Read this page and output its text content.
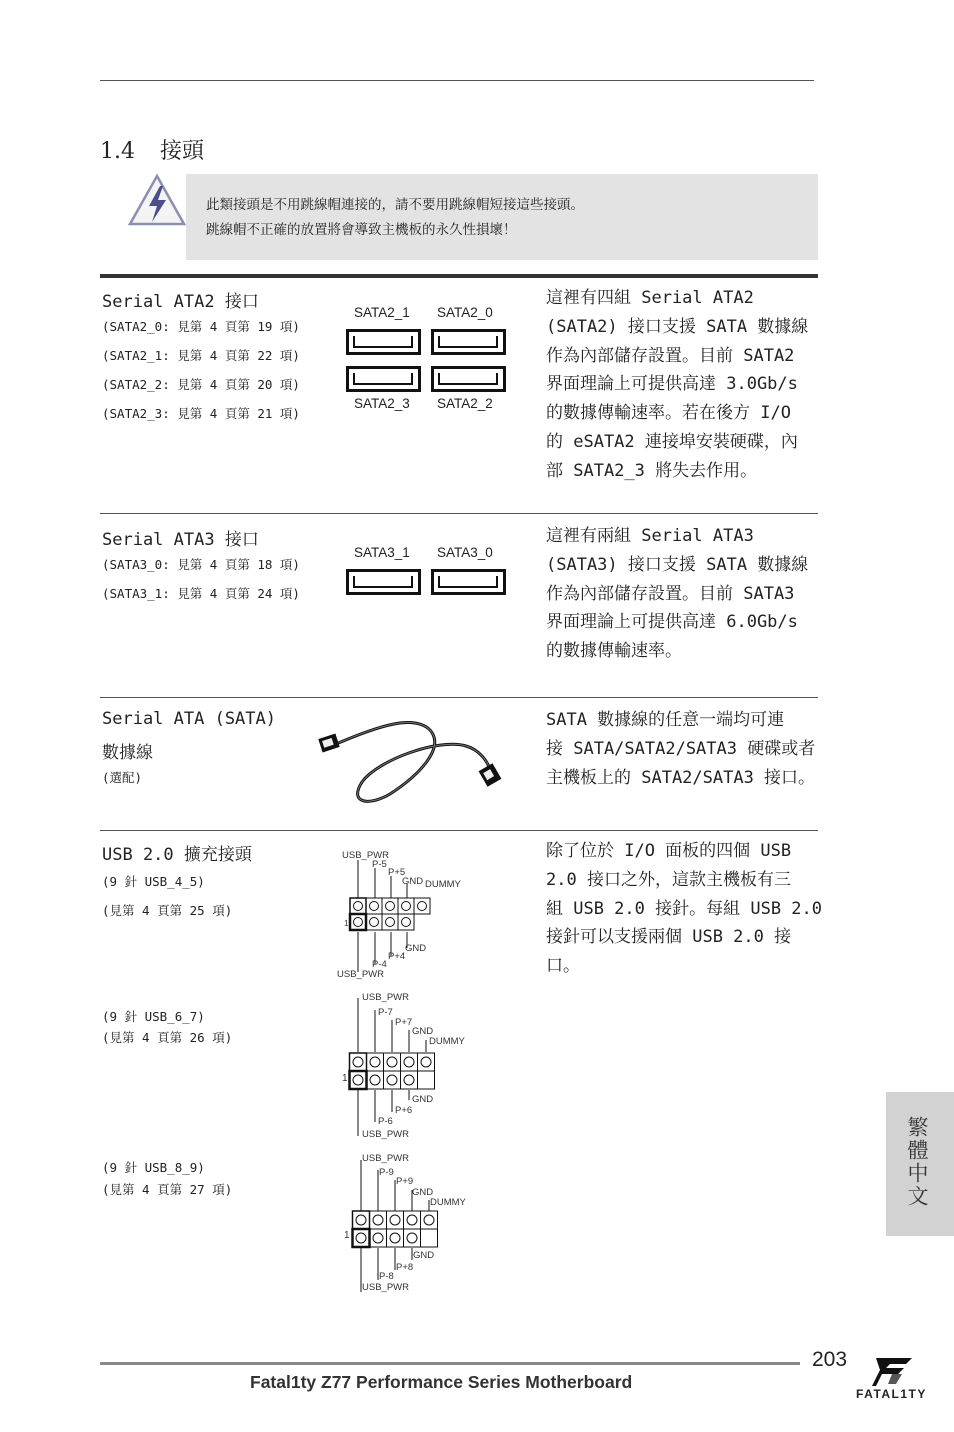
1.4 接頭
此類接頭是不用跳線帽連接的，請不要用跳線帽短接這些接頭。
跳線帽不正確的放置將會導致主機板的永久性損壞！
Serial ATA2 接口
(SATA2_0: 見第 4 頁第 19 項)
(SATA2_1: 見第 4 頁第 22 項)
(SATA2_2: 見第 4 頁第 20 項)
(SATA2_3: 見第 4 頁第 21 項)
SATA2_1 SATA2_0
SATA2_3 SATA2_2
這裡有四組 Serial ATA2
(SATA2) 接口支援 SATA 數據線
作為內部儲存設置。目前 SATA2
界面理論上可提供高達 3.0Gb/s
的數據傳輸速率。若在後方 I/O
的 eSATA2 連接埠安裝硬碟，內
部 SATA2_3 將失去作用。
Serial ATA3 接口
(SATA3_0: 見第 4 頁第 18 項)
(SATA3_1: 見第 4 頁第 24 項)
SATA3_1 SATA3_0
這裡有兩組 Serial ATA3
(SATA3) 接口支援 SATA 數據線
作為內部儲存設置。目前 SATA3
界面理論上可提供高達 6.0Gb/s
的數據傳輸速率。
Serial ATA (SATA)
數據線
(選配)
SATA 數據線的任意一端均可連
接 SATA/SATA2/SATA3 硬碟或者
主機板上的 SATA2/SATA3 接口。
USB 2.0 擴充接頭	除了位於 I/O 面板的四個 USB
2.0 接口之外，這款主機板有三
組 USB 2.0 接針。每組 USB 2.0
接針可以支援兩個 USB 2.0 接
口。
(9 針 USB_4_5)
(見第 4 頁第 25 項)
USB_PWR
P-5
P+5
GND DUMMY
1
GND
P+4
P-4
USB_PWR
(9 針 USB_6_7)
(見第 4 頁第 26 項)
USB_PWR
P-7
P+7
GND
DUMMY
1
GND
P+6
P-6
USB_PWR
(9 針 USB_8_9)
(見第 4 頁第 27 項)
USB_PWR
P-9
P+9
GND
DUMMY
1
GND
P+8
P-8
USB_PWR
繁體中文
203
Fatal1ty Z77 Performance Series Motherboard
FATAL1TY
